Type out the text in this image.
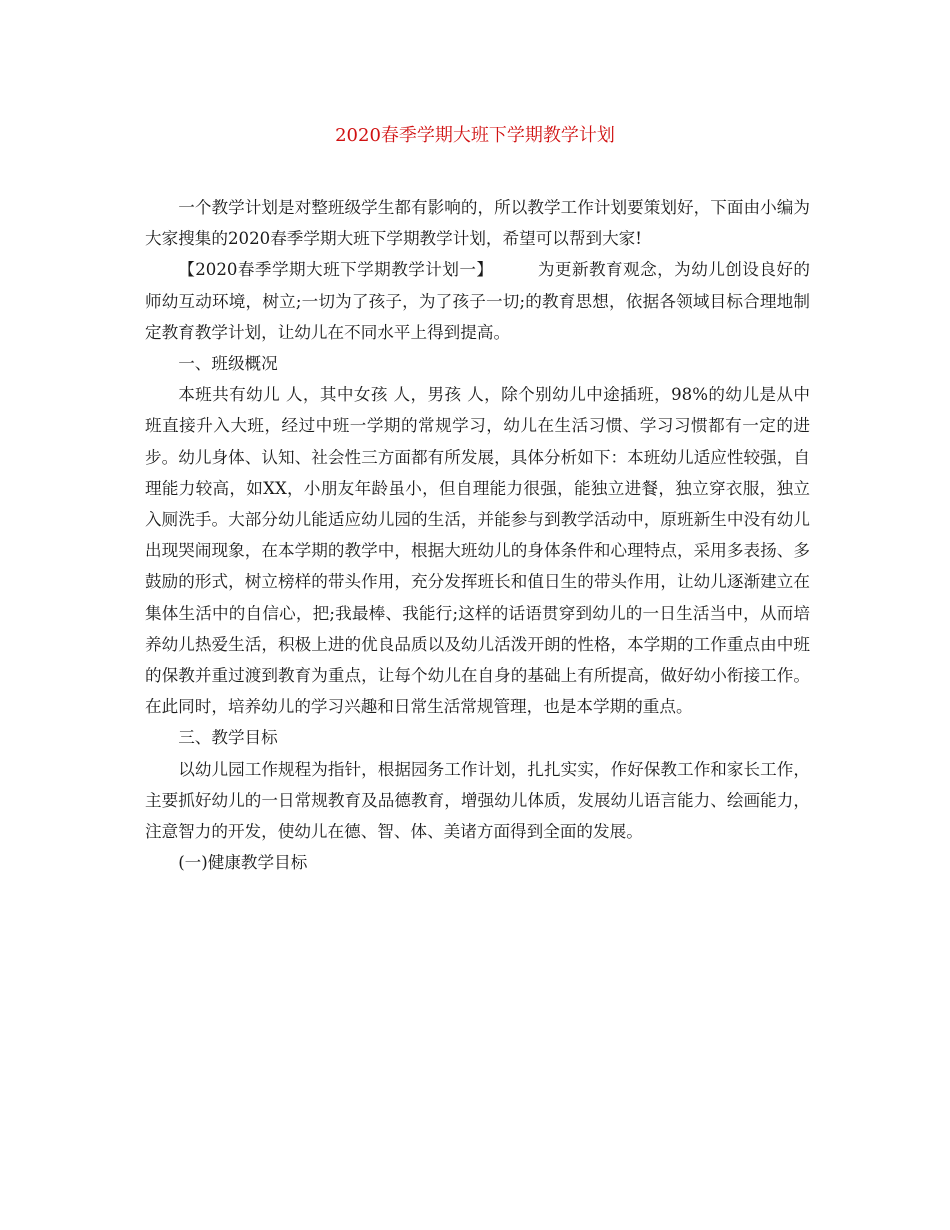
2020春季学期大班下学期教学计划

一个教学计划是对整班级学生都有影响的，所以教学工作计划要策划好，下面由小编为大家搜集的2020春季学期大班下学期教学计划，希望可以帮到大家!

【2020春季学期大班下学期教学计划一】	为更新教育观念，为幼儿创设良好的师幼互动环境，树立;一切为了孩子，为了孩子一切;的教育思想，依据各领域目标合理地制定教育教学计划，让幼儿在不同水平上得到提高。

一、班级概况

本班共有幼儿 人，其中女孩 人，男孩 人，除个别幼儿中途插班，98%的幼儿是从中班直接升入大班，经过中班一学期的常规学习，幼儿在生活习惯、学习习惯都有一定的进步。幼儿身体、认知、社会性三方面都有所发展，具体分析如下：本班幼儿适应性较强，自理能力较高，如XX，小朋友年龄虽小，但自理能力很强，能独立进餐，独立穿衣服，独立入厕洗手。大部分幼儿能适应幼儿园的生活，并能参与到教学活动中，原班新生中没有幼儿出现哭闹现象，在本学期的教学中，根据大班幼儿的身体条件和心理特点，采用多表扬、多鼓励的形式，树立榜样的带头作用，充分发挥班长和值日生的带头作用，让幼儿逐渐建立在集体生活中的自信心，把;我最棒、我能行;这样的话语贯穿到幼儿的一日生活当中，从而培养幼儿热爱生活，积极上进的优良品质以及幼儿活泼开朗的性格，本学期的工作重点由中班的保教并重过渡到教育为重点，让每个幼儿在自身的基础上有所提高，做好幼小衔接工作。在此同时，培养幼儿的学习兴趣和日常生活常规管理，也是本学期的重点。

三、教学目标

以幼儿园工作规程为指针，根据园务工作计划，扎扎实实，作好保教工作和家长工作，主要抓好幼儿的一日常规教育及品德教育，增强幼儿体质，发展幼儿语言能力、绘画能力，注意智力的开发，使幼儿在德、智、体、美诸方面得到全面的发展。

(一)健康教学目标
